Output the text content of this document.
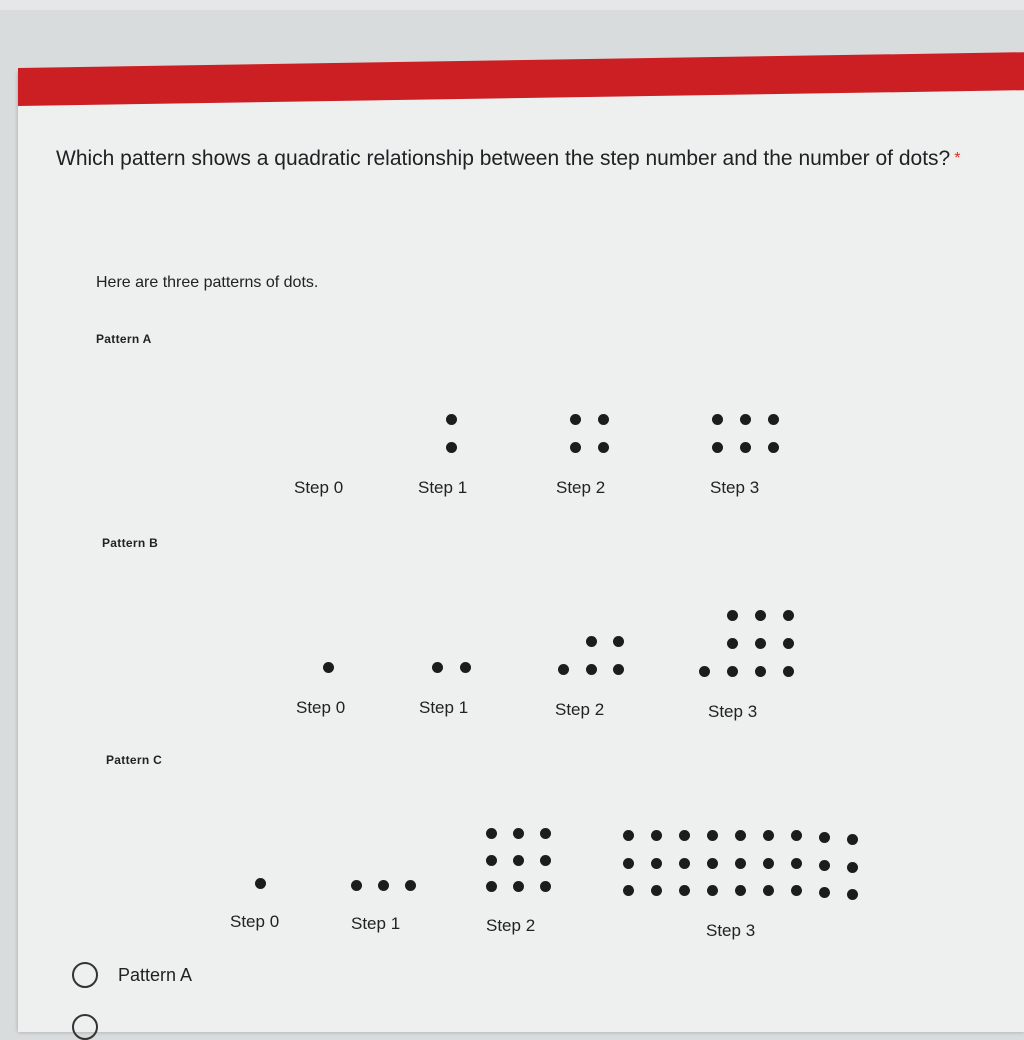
Which pattern shows a quadratic relationship between the step number and the number of dots? *
Here are three patterns of dots.
Pattern A
Step 0	Step 1	Step 2	Step 3
Pattern B
Step 0	Step 1	Step 2	Step 3
Pattern C
Step 0	Step 1	Step 2	Step 3
Pattern A
